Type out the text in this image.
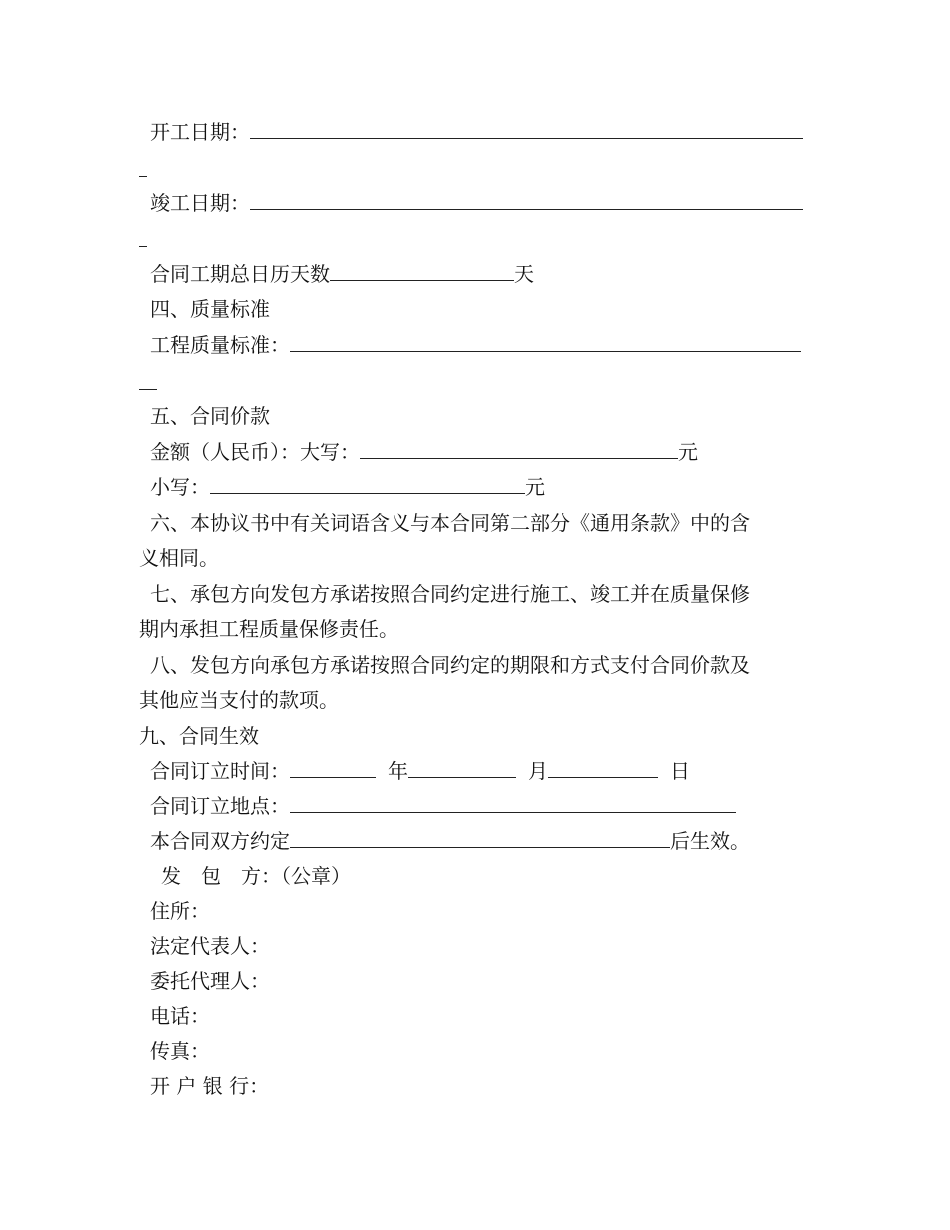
开工日期：
竣工日期：
合同工期总日历天数	天
四、质量标准
工程质量标准：
五、合同价款
金额（人民币）：大写：	元
小写：	元
六、本协议书中有关词语含义与本合同第二部分《通用条款》中的含
义相同。
七、承包方向发包方承诺按照合同约定进行施工、竣工并在质量保修
期内承担工程质量保修责任。
八、发包方向承包方承诺按照合同约定的期限和方式支付合同价款及
其他应当支付的款项。
九、合同生效
合同订立时间：	年	月	日
合同订立地点：
本合同双方约定	后生效。
发　包　方：（公章）
住所：
法定代表人：
委托代理人：
电话：
传真：
开 户 银 行：
